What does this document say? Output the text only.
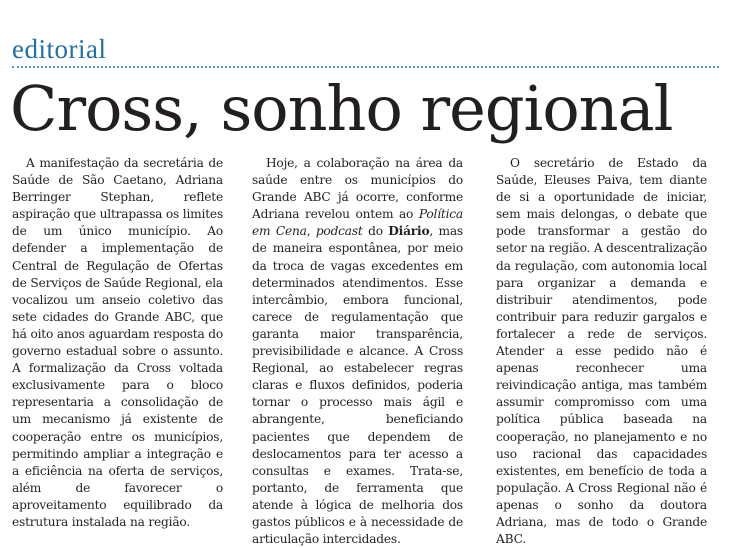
editorial
Cross, sonho regional

A manifestação da secretária de Saúde de São Caetano, Adriana Berringer Stephan, reflete aspiração que ultrapassa os limites de um único município. Ao defender a implementação de Central de Regulação de Ofertas de Serviços de Saúde Regional, ela vocalizou um anseio coletivo das sete cidades do Grande ABC, que há oito anos aguardam resposta do governo estadual sobre o assunto. A formalização da Cross voltada exclusivamente para o bloco representaria a consolidação de um mecanismo já existente de cooperação entre os municípios, permitindo ampliar a integração e a eficiência na oferta de serviços, além de favorecer o aproveitamento equilibrado da estrutura instalada na região.

Hoje, a colaboração na área da saúde entre os municípios do Grande ABC já ocorre, conforme Adriana revelou ontem ao Política em Cena, podcast do Diário, mas de maneira espontânea, por meio da troca de vagas excedentes em determinados atendimentos. Esse intercâmbio, embora funcional, carece de regulamentação que garanta maior transparência, previsibilidade e alcance. A Cross Regional, ao estabelecer regras claras e fluxos definidos, poderia tornar o processo mais ágil e abrangente, beneficiando pacientes que dependem de deslocamentos para ter acesso a consultas e exames. Trata-se, portanto, de ferramenta que atende à lógica de melhoria dos gastos públicos e à necessidade de articulação intercidades.

O secretário de Estado da Saúde, Eleuses Paiva, tem diante de si a oportunidade de iniciar, sem mais delongas, o debate que pode transformar a gestão do setor na região. A descentralização da regulação, com autonomia local para organizar a demanda e distribuir atendimentos, pode contribuir para reduzir gargalos e fortalecer a rede de serviços. Atender a esse pedido não é apenas reconhecer uma reivindicação antiga, mas também assumir compromisso com uma política pública baseada na cooperação, no planejamento e no uso racional das capacidades existentes, em benefício de toda a população. A Cross Regional não é apenas o sonho da doutora Adriana, mas de todo o Grande ABC.
